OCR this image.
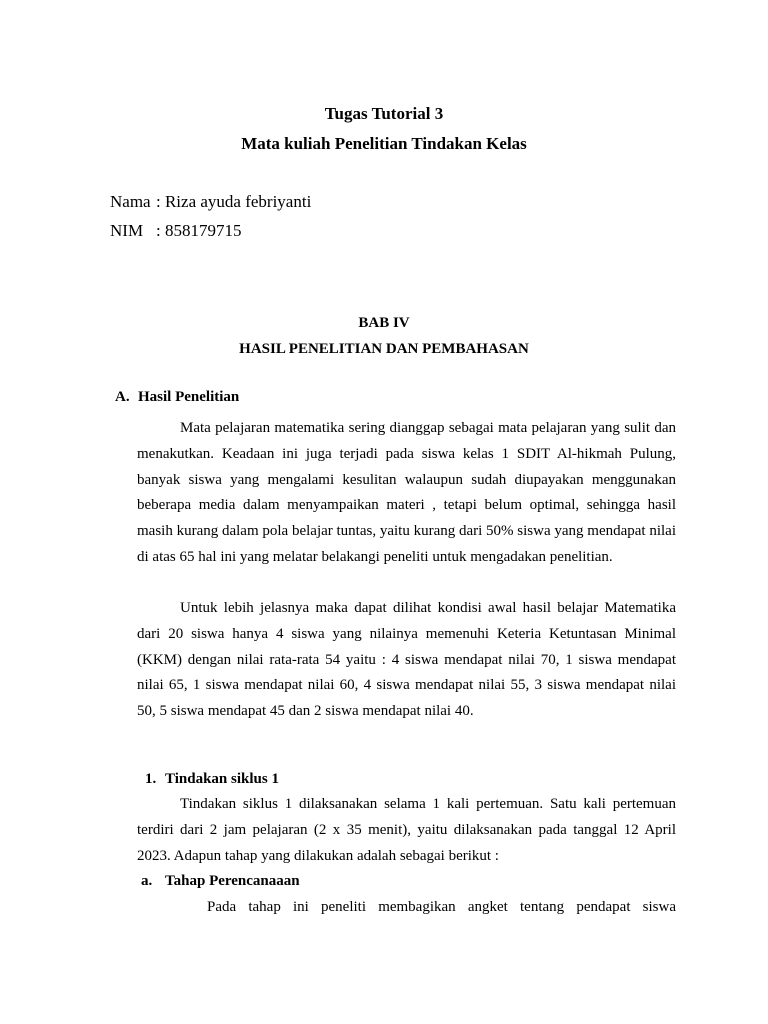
Tugas Tutorial 3
Mata kuliah Penelitian Tindakan Kelas
Nama : Riza ayuda febriyanti
NIM : 858179715
BAB IV
HASIL PENELITIAN DAN PEMBAHASAN
A. Hasil Penelitian

Mata pelajaran matematika sering dianggap sebagai mata pelajaran yang sulit dan menakutkan. Keadaan ini juga terjadi pada siswa kelas 1 SDIT Al-hikmah Pulung, banyak siswa yang mengalami kesulitan walaupun sudah diupayakan menggunakan beberapa media dalam menyampaikan materi , tetapi belum optimal, sehingga hasil masih kurang dalam pola belajar tuntas, yaitu kurang dari 50% siswa yang mendapat nilai di atas 65 hal ini yang melatar belakangi peneliti untuk mengadakan penelitian.

Untuk lebih jelasnya maka dapat dilihat kondisi awal hasil belajar Matematika dari 20 siswa hanya 4 siswa yang nilainya memenuhi Keteria Ketuntasan Minimal (KKM) dengan nilai rata-rata 54 yaitu : 4 siswa mendapat nilai 70, 1 siswa mendapat nilai 65, 1 siswa mendapat nilai 60, 4 siswa mendapat nilai 55, 3 siswa mendapat nilai 50, 5 siswa mendapat 45 dan 2 siswa mendapat nilai 40.

1. Tindakan siklus 1

Tindakan siklus 1 dilaksanakan selama 1 kali pertemuan. Satu kali pertemuan terdiri dari 2 jam pelajaran (2 x 35 menit), yaitu dilaksanakan pada tanggal 12 April 2023. Adapun tahap yang dilakukan adalah sebagai berikut :

a. Tahap Perencanaaan

Pada tahap ini peneliti membagikan angket tentang pendapat siswa
